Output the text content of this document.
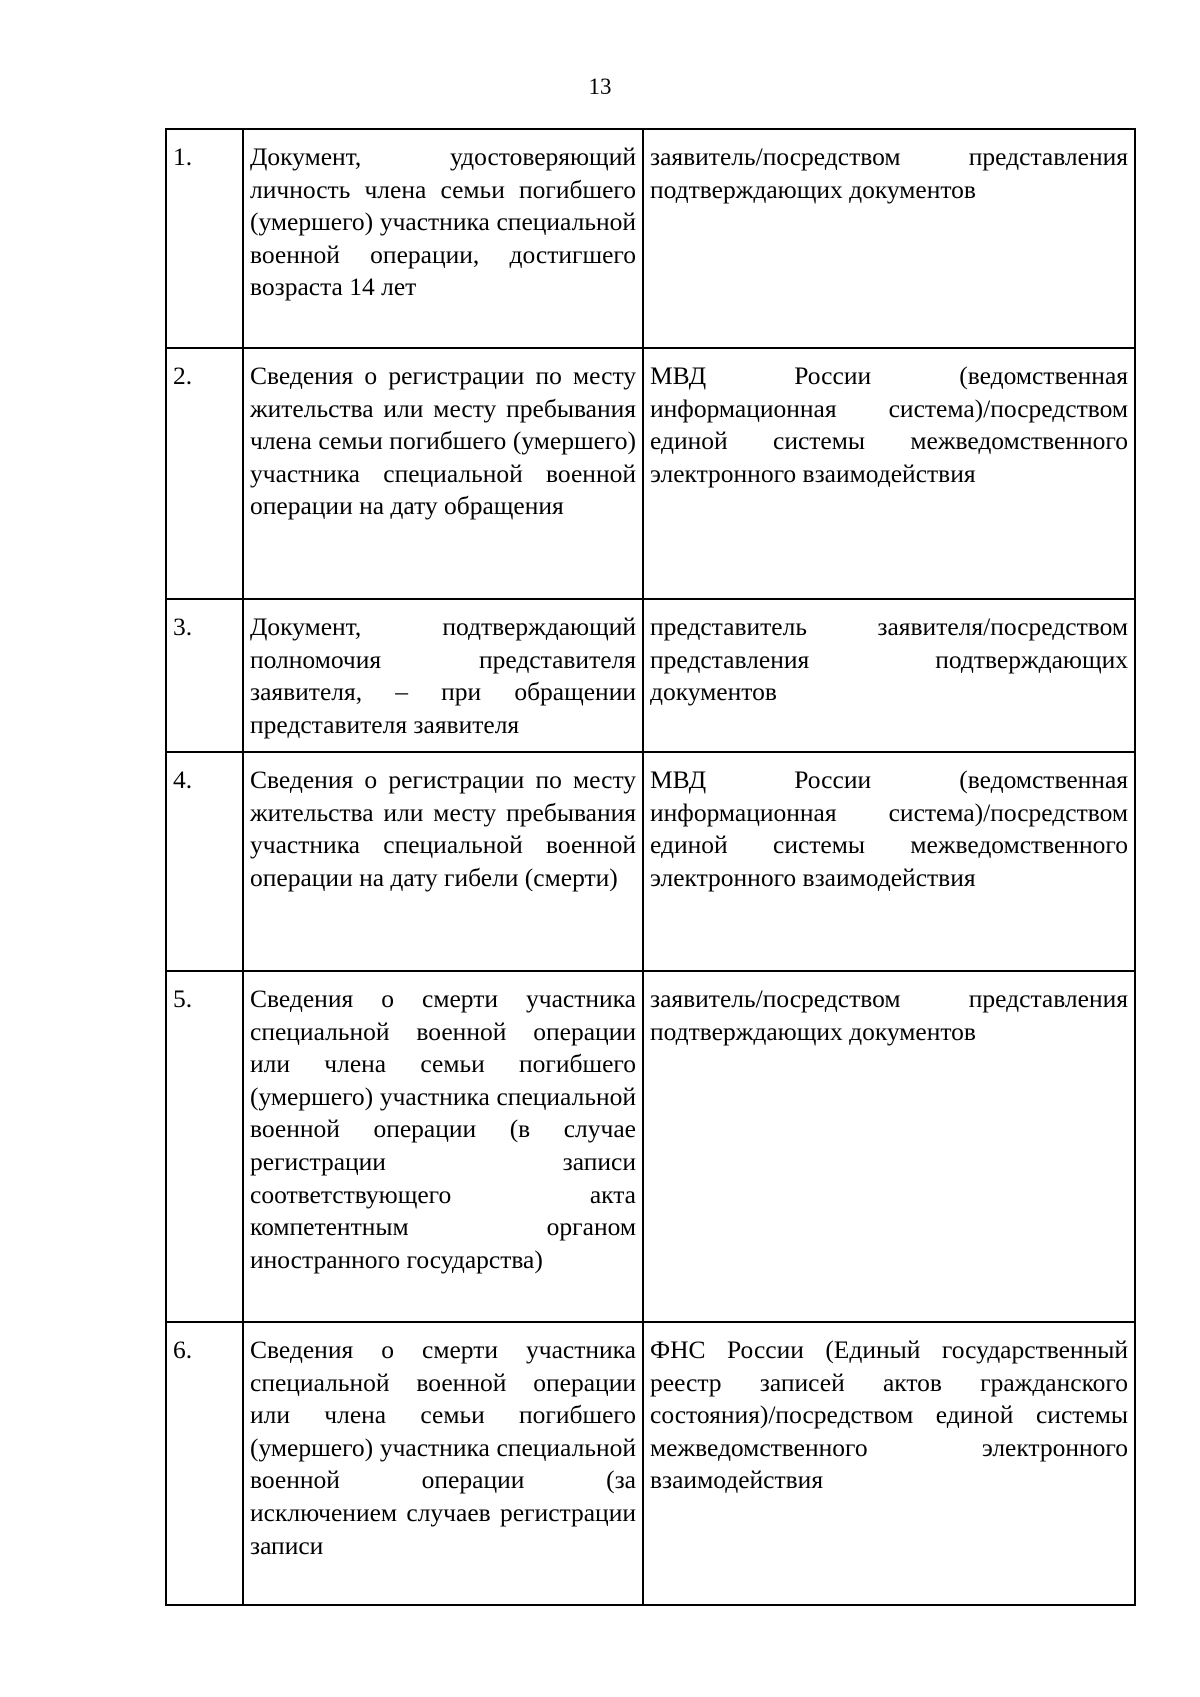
13
1.	Документ, удостоверяющий личность члена семьи погибшего (умершего) участника специальной военной операции, достигшего возраста 14 лет	заявитель/посредством представления подтверждающих документов
2.	Сведения о регистрации по месту жительства или месту пребывания члена семьи погибшего (умершего) участника специальной военной операции на дату обращения	МВД России (ведомственная информационная система)/посредством единой системы межведомственного электронного взаимодействия
3.	Документ, подтверждающий полномочия представителя заявителя, – при обращении представителя заявителя	представитель заявителя/посредством представления подтверждающих документов
4.	Сведения о регистрации по месту жительства или месту пребывания участника специальной военной операции на дату гибели (смерти)	МВД России (ведомственная информационная система)/посредством единой системы межведомственного электронного взаимодействия
5.	Сведения о смерти участника специальной военной операции или члена семьи погибшего (умершего) участника специальной военной операции (в случае регистрации записи соответствующего акта компетентным органом иностранного государства)	заявитель/посредством представления подтверждающих документов
6.	Сведения о смерти участника специальной военной операции или члена семьи погибшего (умершего) участника специальной военной операции (за исключением случаев регистрации записи	ФНС России (Единый государственный реестр записей актов гражданского состояния)/посредством единой системы межведомственного электронного взаимодействия
